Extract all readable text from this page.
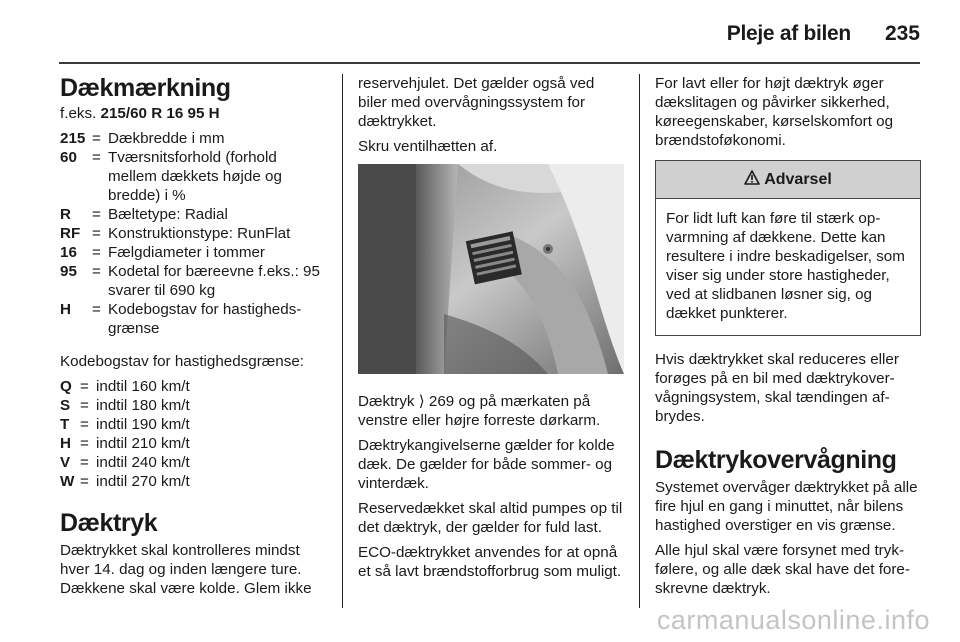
Pleje af bilen 235
Dækmærkning

f.eks. 215/60 R 16 95 H

215 = Dækbredde i mm
60 = Tværsnitsforhold (forhold mellem dækkets højde og bredde) i %
R	= Bæltetype: Radial
RF = Konstruktionstype: RunFlat
16 = Fælgdiameter i tommer
95 = Kodetal for bæreevne f.eks.: 95 svarer til 690 kg
H	= Kodebogstav for hastighedsgrænse

Kodebogstav for hastighedsgrænse:

Q = indtil 160 km/t
S = indtil 180 km/t
T = indtil 190 km/t
H = indtil 210 km/t
V = indtil 240 km/t
W = indtil 270 km/t
Dæktryk

Dæktrykket skal kontrolleres mindst hver 14. dag og inden længere ture. Dækkene skal være kolde. Glem ikke

reservehjulet. Det gælder også ved biler med overvågningssystem for dæktrykket.

Skru ventilhætten af.

Dæktryk ⟩ 269 og på mærkaten på venstre eller højre forreste dørkarm.

Dæktrykangivelserne gælder for kolde dæk. De gælder for både sommer- og vinterdæk.

Reservedækket skal altid pumpes op til det dæktryk, der gælder for fuld last.

ECO-dæktrykket anvendes for at opnå et så lavt brændstofforbrug som muligt.

For lavt eller for højt dæktryk øger dækslitagen og påvirker sikkerhed, køreegenskaber, kørselskomfort og brændstoføkonomi.

Advarsel
For lidt luft kan føre til stærk opvarmning af dækkene. Dette kan resultere i indre beskadigelser, som viser sig under store hastigheder, ved at slidbanen løsner sig, og dækket punkterer.

Hvis dæktrykket skal reduceres eller forøges på en bil med dæktrykovervågningsystem, skal tændingen afbrydes.

Dæktrykovervågning

Systemet overvåger dæktrykket på alle fire hjul en gang i minuttet, når bilens hastighed overstiger en vis grænse.

Alle hjul skal være forsynet med trykfølere, og alle dæk skal have det foreskrevne dæktryk.

carmanualsonline.info
